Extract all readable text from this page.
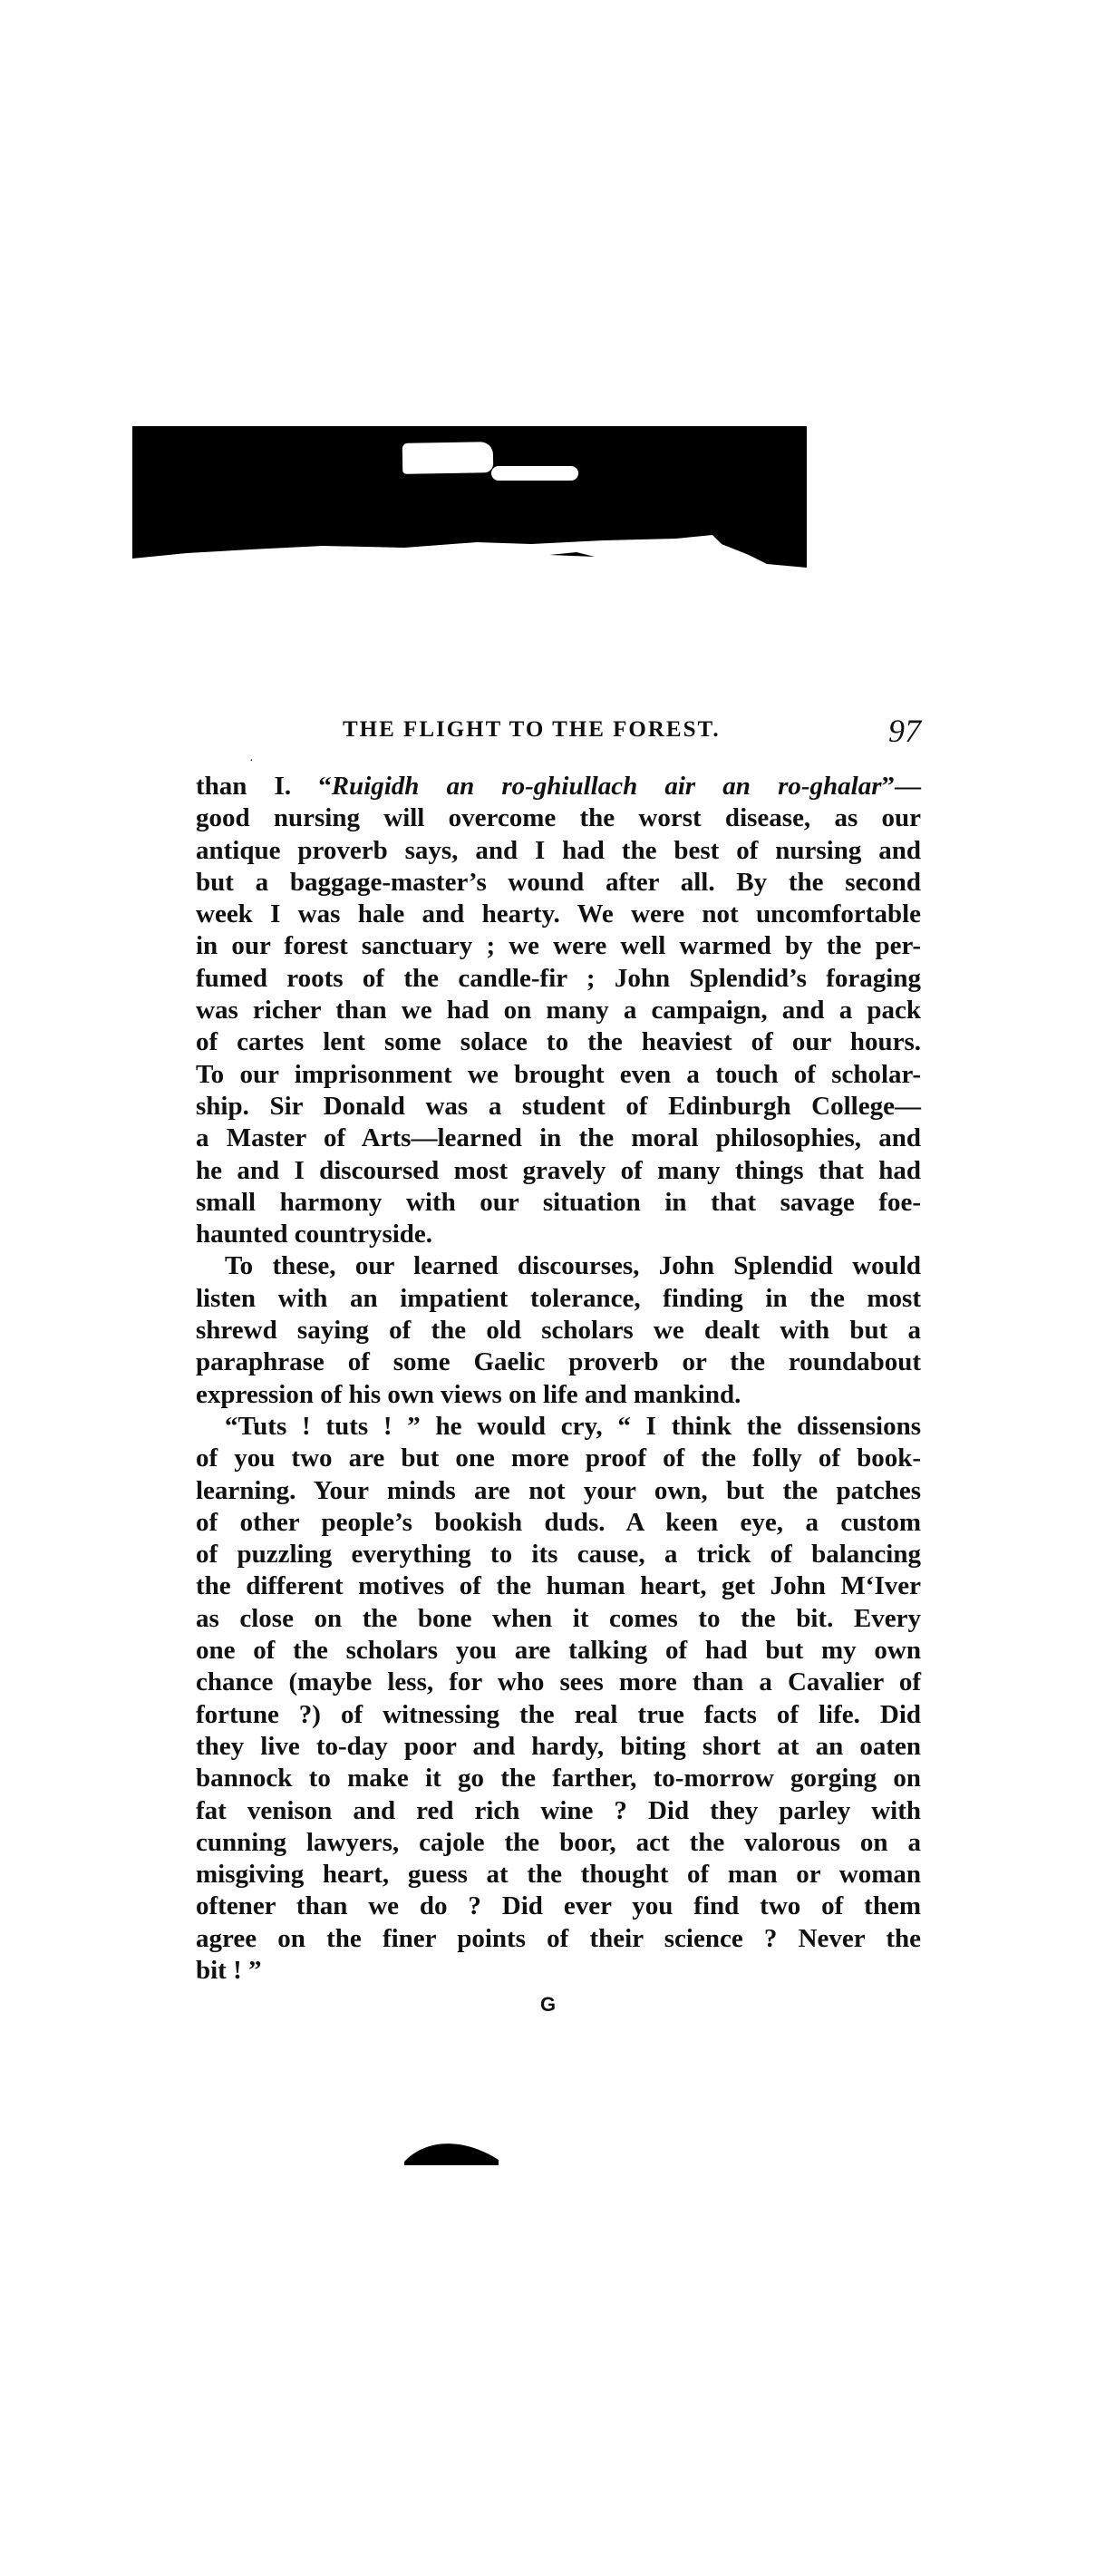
THE FLIGHT TO THE FOREST.	97
·
than I. “Ruigidh an ro-ghiullach air an ro-ghalar”—
good nursing will overcome the worst disease, as our
antique proverb says, and I had the best of nursing and
but a baggage-master’s wound after all. By the second
week I was hale and hearty. We were not uncomfortable
in our forest sanctuary ; we were well warmed by the per-
fumed roots of the candle-fir ; John Splendid’s foraging
was richer than we had on many a campaign, and a pack
of cartes lent some solace to the heaviest of our hours.
To our imprisonment we brought even a touch of scholar-
ship. Sir Donald was a student of Edinburgh College—
a Master of Arts—learned in the moral philosophies, and
he and I discoursed most gravely of many things that had
small harmony with our situation in that savage foe-
haunted countryside.
To these, our learned discourses, John Splendid would
listen with an impatient tolerance, finding in the most
shrewd saying of the old scholars we dealt with but a
paraphrase of some Gaelic proverb or the roundabout
expression of his own views on life and mankind.
“Tuts ! tuts ! ” he would cry, “ I think the dissensions
of you two are but one more proof of the folly of book-
learning. Your minds are not your own, but the patches
of other people’s bookish duds. A keen eye, a custom
of puzzling everything to its cause, a trick of balancing
the different motives of the human heart, get John M‘Iver
as close on the bone when it comes to the bit. Every
one of the scholars you are talking of had but my own
chance (maybe less, for who sees more than a Cavalier of
fortune ?) of witnessing the real true facts of life. Did
they live to-day poor and hardy, biting short at an oaten
bannock to make it go the farther, to-morrow gorging on
fat venison and red rich wine ? Did they parley with
cunning lawyers, cajole the boor, act the valorous on a
misgiving heart, guess at the thought of man or woman
oftener than we do ? Did ever you find two of them
agree on the finer points of their science ? Never the
bit ! ”
G
